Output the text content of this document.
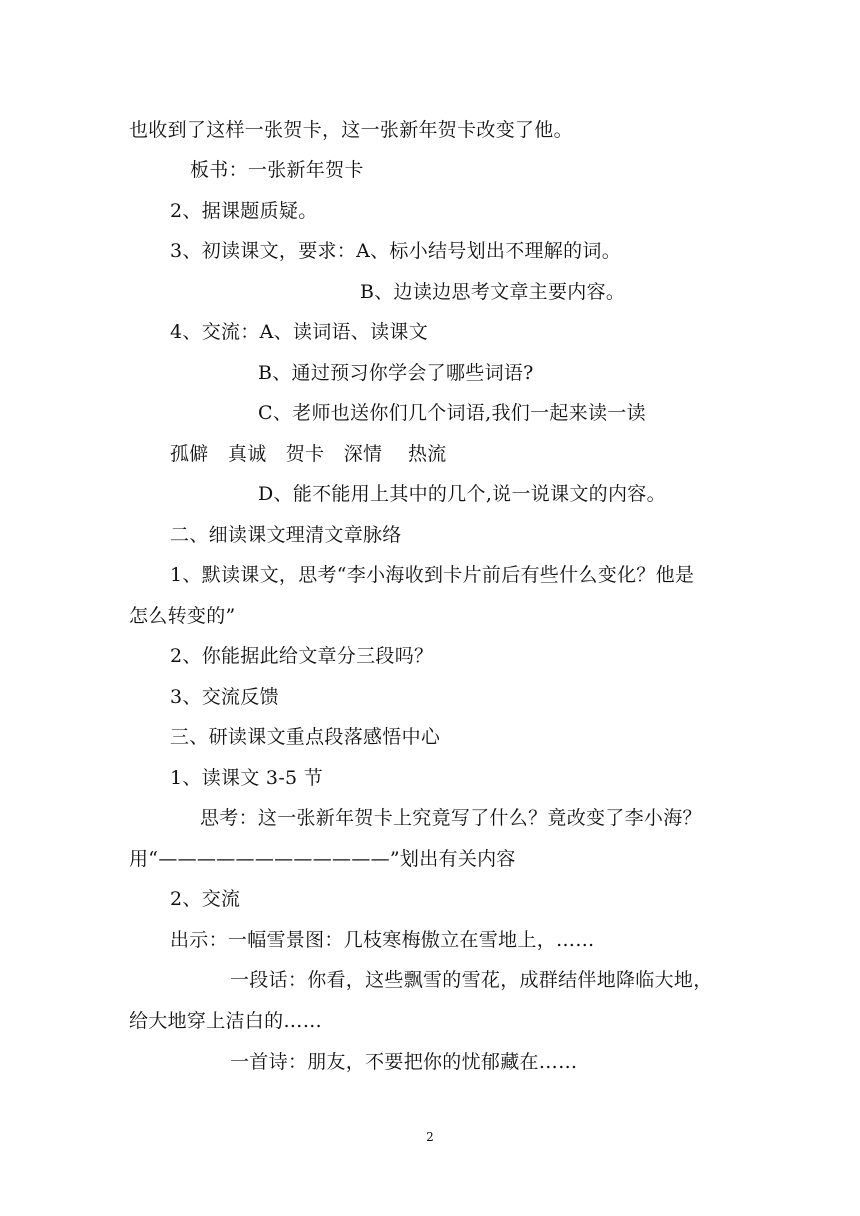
也收到了这样一张贺卡，这一张新年贺卡改变了他。
板书：一张新年贺卡
2、据课题质疑。
3、初读课文，要求：A、标小结号划出不理解的词。
B、边读边思考文章主要内容。
4、交流：A、读词语、读课文
B、通过预习你学会了哪些词语?
C、老师也送你们几个词语,我们一起来读一读
孤僻　真诚　贺卡　深情　 热流
D、能不能用上其中的几个,说一说课文的内容。
二、细读课文理清文章脉络
1、默读课文，思考“李小海收到卡片前后有些什么变化？他是
怎么转变的”
2、你能据此给文章分三段吗？
3、交流反馈
三、研读课文重点段落感悟中心
1、读课文 3-5 节
思考：这一张新年贺卡上究竟写了什么？竟改变了李小海？
用“————————————”划出有关内容
2、交流
出示：一幅雪景图：几枝寒梅傲立在雪地上，……
一段话：你看，这些飘雪的雪花，成群结伴地降临大地，
给大地穿上洁白的……
一首诗：朋友，不要把你的忧郁藏在……
2
